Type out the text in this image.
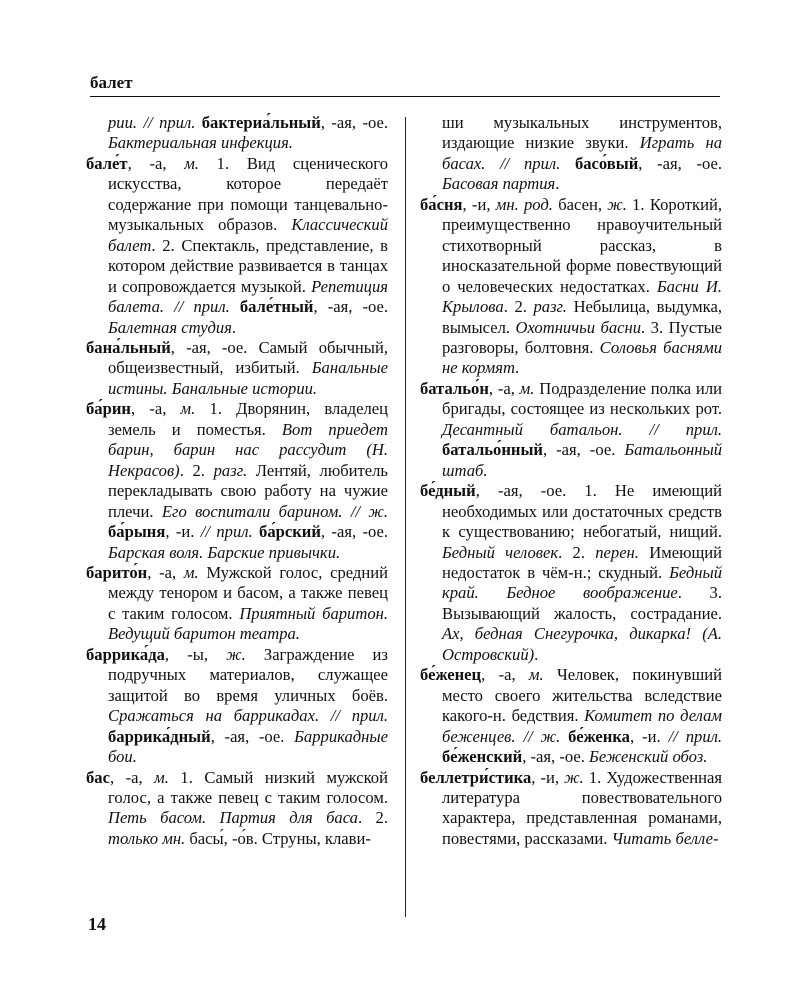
балет
рии. // прил. бактериа́льный, -ая, -ое. Бактериальная инфекция.
бале́т, -а, м. 1. Вид сценического искусства, которое передаёт содержание при помощи танцевально-музыкальных образов. Классический балет. 2. Спектакль, представление, в котором действие развивается в танцах и сопровождается музыкой. Репетиция балета. // прил. бале́тный, -ая, -ое. Балетная студия.
бана́льный, -ая, -ое. Самый обычный, общеизвестный, избитый. Банальные истины. Банальные истории.
ба́рин, -а, м. 1. Дворянин, владелец земель и поместья. Вот приедет барин, барин нас рассудит (Н. Некрасов). 2. разг. Лентяй, любитель перекладывать свою работу на чужие плечи. Его воспитали барином. // ж. ба́рыня, -и. // прил. ба́рский, -ая, -ое. Барская воля. Барские привычки.
барито́н, -а, м. Мужской голос, средний между тенором и басом, а также певец с таким голосом. Приятный баритон. Ведущий баритон театра.
баррика́да, -ы, ж. Заграждение из подручных материалов, служащее защитой во время уличных боёв. Сражаться на баррикадах. // прил. баррика́дный, -ая, -ое. Баррикадные бои.
бас, -а, м. 1. Самый низкий мужской голос, а также певец с таким голосом. Петь басом. Партия для баса. 2. только мн. басы́, -о́в. Струны, клави-
ши музыкальных инструментов, издающие низкие звуки. Играть на басах. // прил. басо́вый, -ая, -ое. Басовая партия.
ба́сня, -и, мн. род. басен, ж. 1. Короткий, преимущественно нравоучительный стихотворный рассказ, в иносказательной форме повествующий о человеческих недостатках. Басни И. Крылова. 2. разг. Небылица, выдумка, вымысел. Охотничьи басни. 3. Пустые разговоры, болтовня. Соловья баснями не кормят.
батальо́н, -а, м. Подразделение полка или бригады, состоящее из нескольких рот. Десантный батальон. // прил. батальо́нный, -ая, -ое. Батальонный штаб.
бе́дный, -ая, -ое. 1. Не имеющий необходимых или достаточных средств к существованию; небогатый, нищий. Бедный человек. 2. перен. Имеющий недостаток в чём-н.; скудный. Бедный край. Бедное воображение. 3. Вызывающий жалость, сострадание. Ах, бедная Снегурочка, дикарка! (А. Островский).
бе́женец, -а, м. Человек, покинувший место своего жительства вследствие какого-н. бедствия. Комитет по делам беженцев. // ж. бе́женка, -и. // прил. бе́женский, -ая, -ое. Беженский обоз.
беллетри́стика, -и, ж. 1. Художественная литература повествовательного характера, представленная романами, повестями, рассказами. Читать белле-
14
